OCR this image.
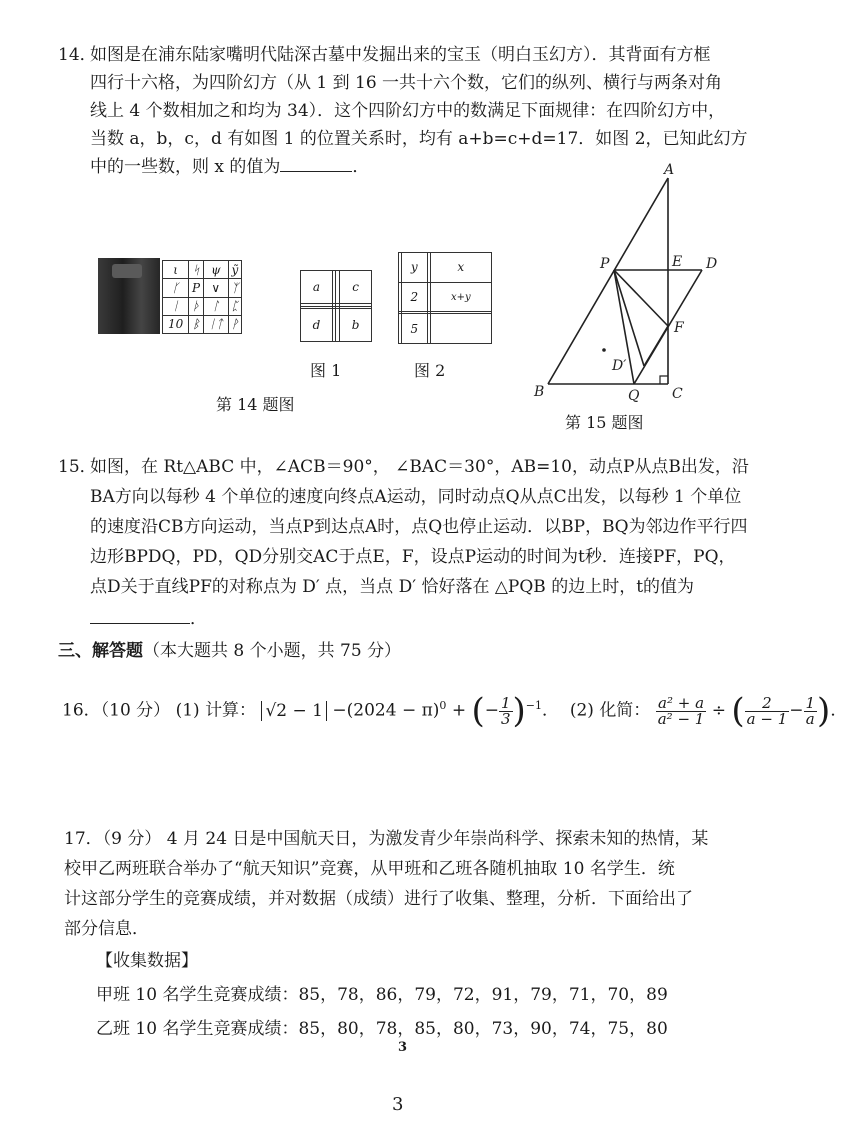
14．
如图是在浦东陆家嘴明代陆深古墓中发掘出来的宝玉（明白玉幻方）．其背面有方框
四行十六格，为四阶幻方（从 1 到 16 一共十六个数，它们的纵列、横行与两条对角
线上 4 个数相加之和均为 34）．这个四阶幻方中的数满足下面规律：在四阶幻方中，
当数 a，b，c，d 有如图 1 的位置关系时，均有 a+b=c+d=17．如图 2，已知此幻方
中的一些数，则 x 的值为	．
ι	ᛋ	ψ	ỹ
ᚴ	P	∨	ᛉ
ᛁ	ᚦ	ᛚ	ᛈ
10	ᛒ	ᛁᛏ	ᚹ
a			c

d			b
图 1
	y		x
	2		x+y

	5		
图 2
第 14 题图
A
P	E D
F
D′
B	Q C
第 15 题图
15．
如图，在 Rt△ABC 中，∠ACB＝90°， ∠BAC＝30°，AB=10，动点P从点B出发，沿
BA方向以每秒 4 个单位的速度向终点A运动，同时动点Q从点C出发，以每秒 1 个单位
的速度沿CB方向运动，当点P到达点A时，点Q也停止运动．以BP，BQ为邻边作平行四
边形BPDQ，PD，QD分别交AC于点E，F，设点P运动的时间为t秒．连接PF，PQ，
点D关于直线PF的对称点为 D′ 点，当点 D′ 恰好落在 △PQB 的边上时，t的值为
．
三、解答题（本大题共 8 个小题，共 75 分）
16．（10 分） (1) 计算： $√2 - 1 -(2024 - \pi)^0$ + (− $\frac{1}{3} )^{-1}$． (2) 化简： $\frac{\text{a² + a}}{\text{a² − 1}}$ ÷ ( $\frac{2}{a - 1} - \frac{1}{a}$ )．
17．（9 分） 4 月 24 日是中国航天日，为激发青少年崇尚科学、探索未知的热情，某
校甲乙两班联合举办了“航天知识”竞赛，从甲班和乙班各随机抽取 10 名学生．统
计这部分学生的竞赛成绩，并对数据（成绩）进行了收集、整理，分析．下面给出了
部分信息．
【收集数据】
甲班 10 名学生竞赛成绩：85，78，86，79，72，91，79，71，70，89
乙班 10 名学生竞赛成绩：85，80，78，85，80，73，90，74，75，80
3
3
